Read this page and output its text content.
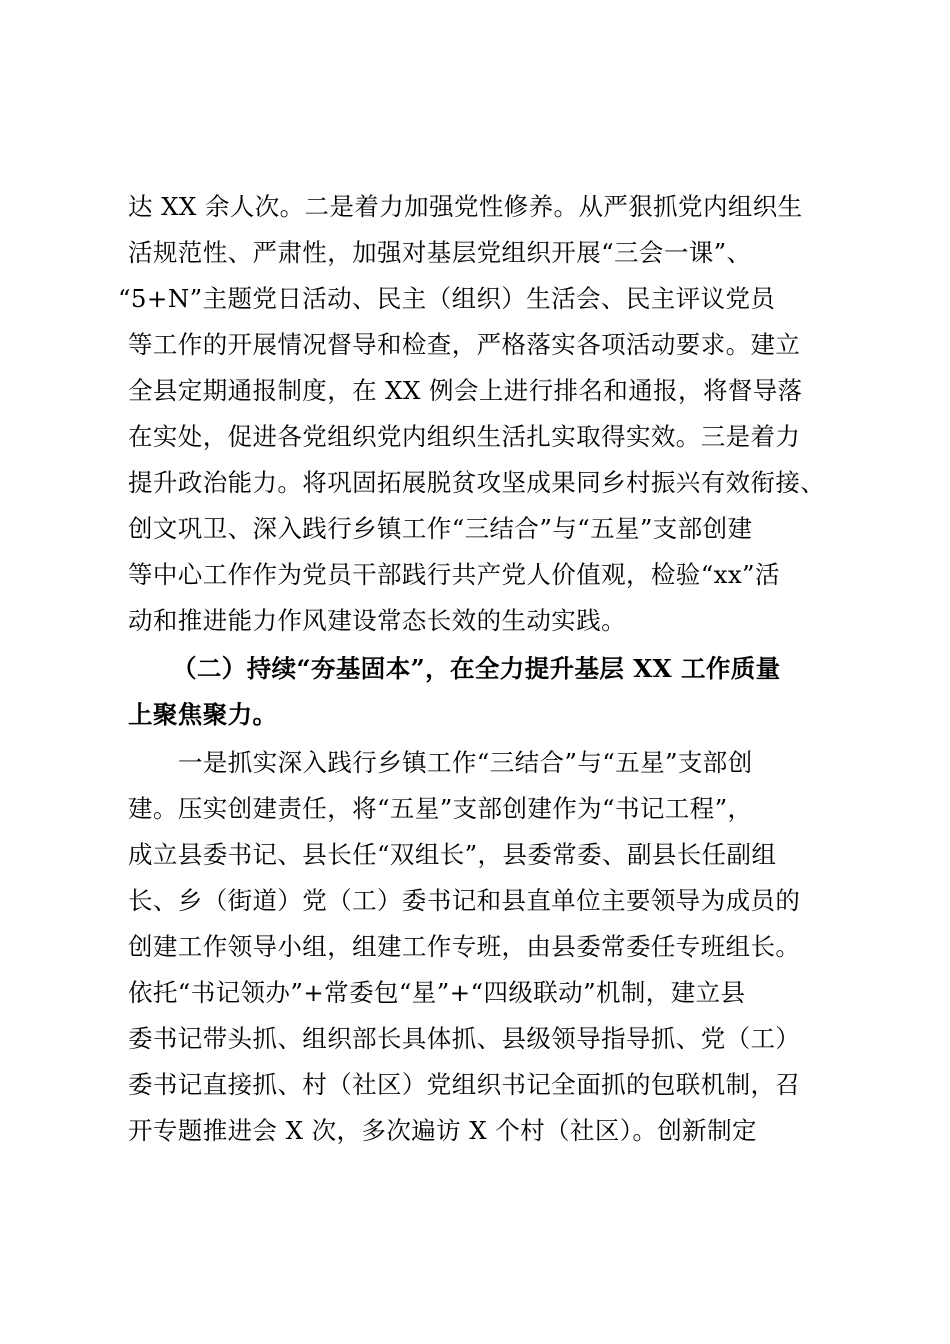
达 XX 余人次。二是着力加强党性修养。从严狠抓党内组织生
活规范性、严肃性，加强对基层党组织开展“三会一课”、
“5+N”主题党日活动、民主（组织）生活会、民主评议党员
等工作的开展情况督导和检查，严格落实各项活动要求。建立
全县定期通报制度，在 XX 例会上进行排名和通报，将督导落
在实处，促进各党组织党内组织生活扎实取得实效。三是着力
提升政治能力。将巩固拓展脱贫攻坚成果同乡村振兴有效衔接、
创文巩卫、深入践行乡镇工作“三结合”与“五星”支部创建
等中心工作作为党员干部践行共产党人价值观，检验“xx”活
动和推进能力作风建设常态长效的生动实践。
（二）持续“夯基固本”，在全力提升基层 XX 工作质量
上聚焦聚力。
一是抓实深入践行乡镇工作“三结合”与“五星”支部创
建。压实创建责任，将“五星”支部创建作为“书记工程”，
成立县委书记、县长任“双组长”，县委常委、副县长任副组
长、乡（街道）党（工）委书记和县直单位主要领导为成员的
创建工作领导小组，组建工作专班，由县委常委任专班组长。
依托“书记领办”+常委包“星”+“四级联动”机制，建立县
委书记带头抓、组织部长具体抓、县级领导指导抓、党（工）
委书记直接抓、村（社区）党组织书记全面抓的包联机制，召
开专题推进会 X 次，多次遍访 X 个村（社区）。创新制定
